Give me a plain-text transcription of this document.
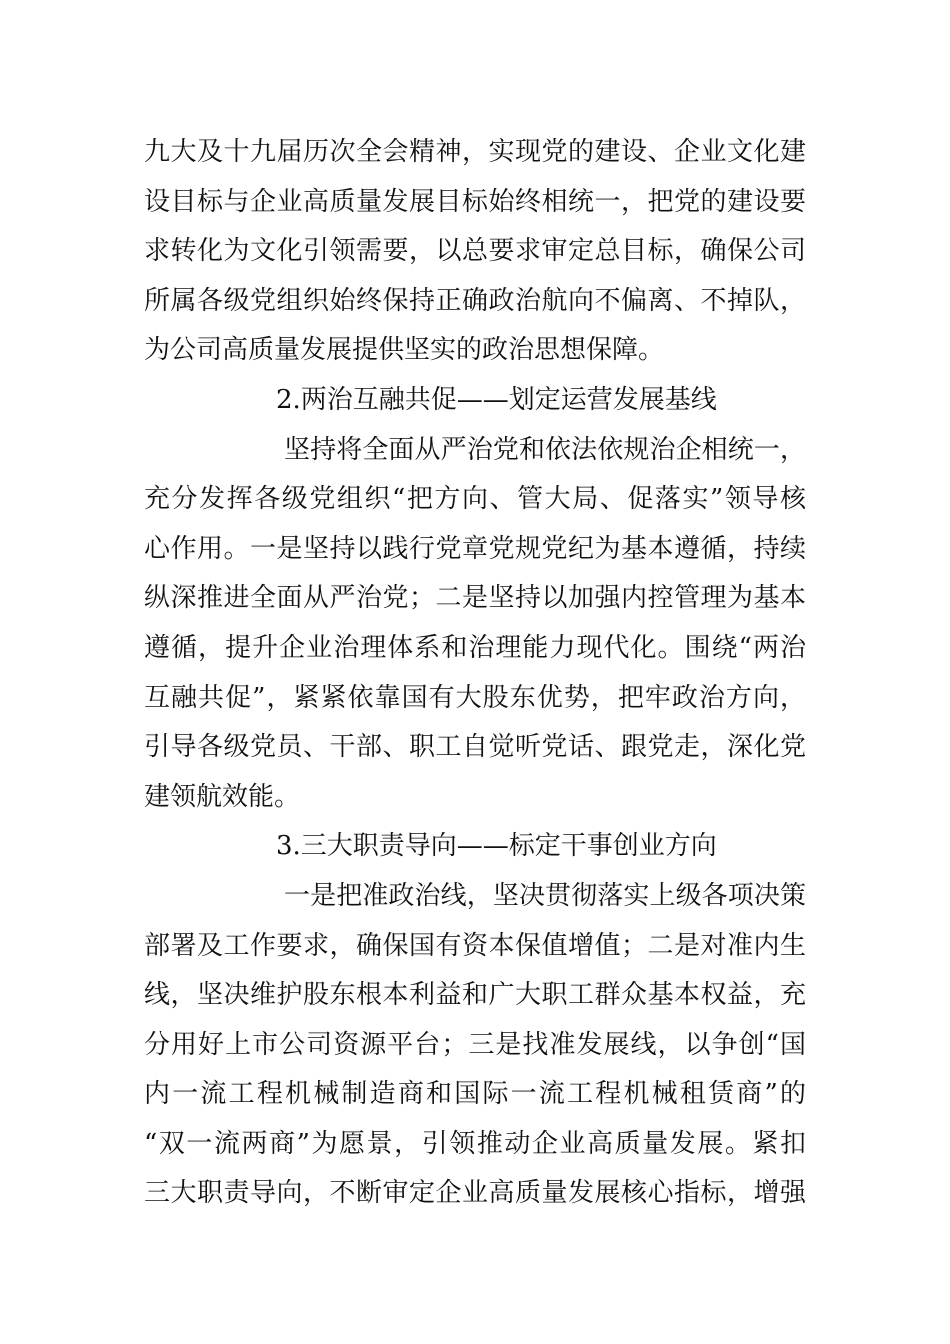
九大及十九届历次全会精神，实现党的建设、企业文化建
设目标与企业高质量发展目标始终相统一，把党的建设要
求转化为文化引领需要，以总要求审定总目标，确保公司
所属各级党组织始终保持正确政治航向不偏离、不掉队，
为公司高质量发展提供坚实的政治思想保障。
2.两治互融共促——划定运营发展基线
坚持将全面从严治党和依法依规治企相统一，
充分发挥各级党组织“把方向、管大局、促落实”领导核
心作用。一是坚持以践行党章党规党纪为基本遵循，持续
纵深推进全面从严治党；二是坚持以加强内控管理为基本
遵循，提升企业治理体系和治理能力现代化。围绕“两治
互融共促”，紧紧依靠国有大股东优势，把牢政治方向，
引导各级党员、干部、职工自觉听党话、跟党走，深化党
建领航效能。
3.三大职责导向——标定干事创业方向
一是把准政治线，坚决贯彻落实上级各项决策
部署及工作要求，确保国有资本保值增值；二是对准内生
线，坚决维护股东根本利益和广大职工群众基本权益，充
分用好上市公司资源平台；三是找准发展线，以争创“国
内一流工程机械制造商和国际一流工程机械租赁商”的
“双一流两商”为愿景，引领推动企业高质量发展。紧扣
三大职责导向，不断审定企业高质量发展核心指标，增强
